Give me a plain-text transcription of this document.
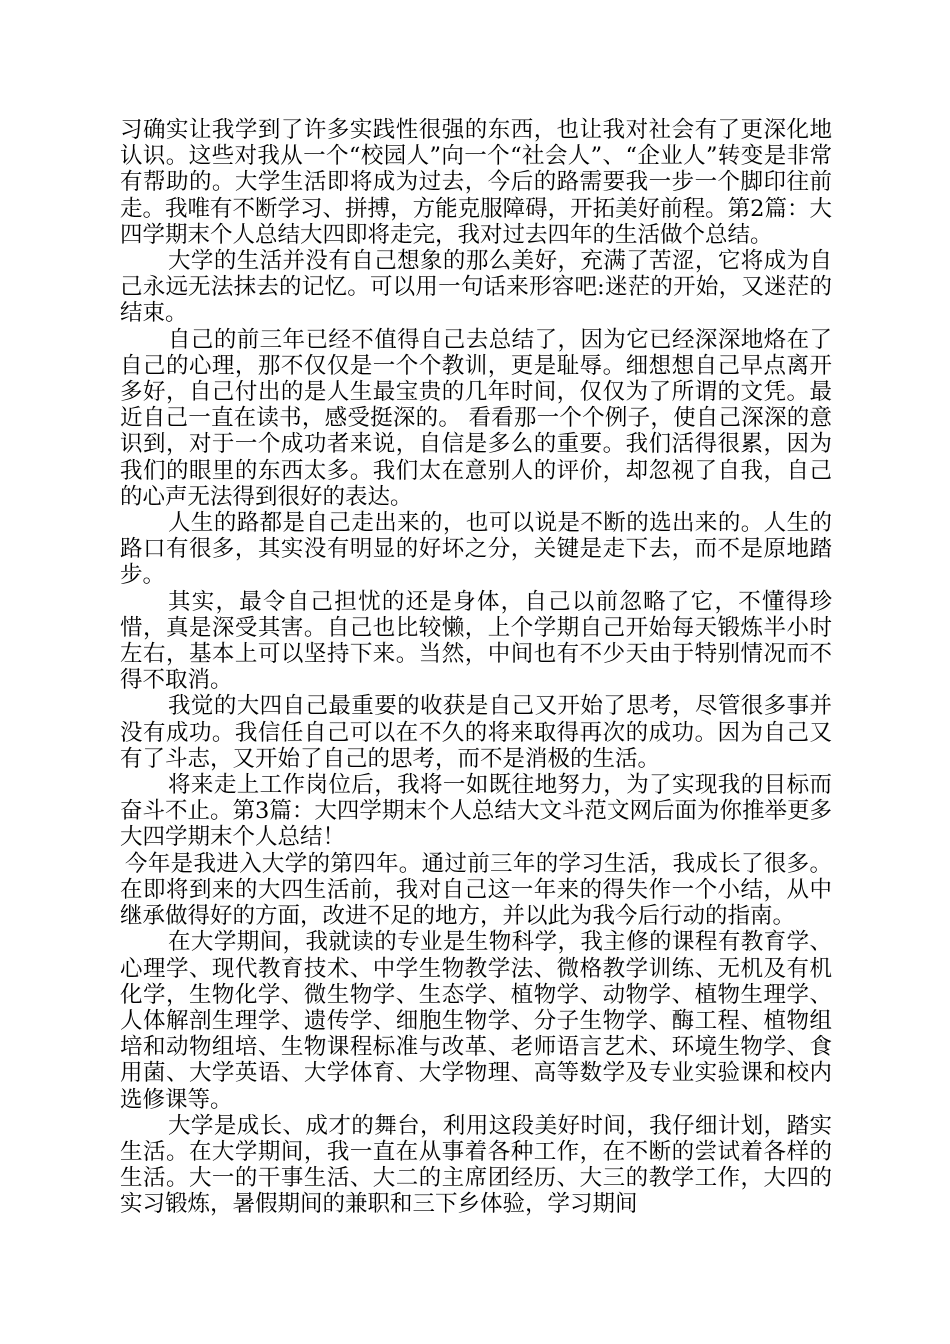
习确实让我学到了许多实践性很强的东西，也让我对社会有了更深化地认识。这些对我从一个“校园人”向一个“社会人”、“企业人”转变是非常有帮助的。大学生活即将成为过去，今后的路需要我一步一个脚印往前走。我唯有不断学习、拼搏，方能克服障碍，开拓美好前程。第2篇：大四学期末个人总结大四即将走完，我对过去四年的生活做个总结。

大学的生活并没有自己想象的那么美好，充满了苦涩，它将成为自己永远无法抹去的记忆。可以用一句话来形容吧:迷茫的开始，又迷茫的结束。

自己的前三年已经不值得自己去总结了，因为它已经深深地烙在了自己的心理，那不仅仅是一个个教训，更是耻辱。细想想自己早点离开多好，自己付出的是人生最宝贵的几年时间，仅仅为了所谓的文凭。最近自己一直在读书，感受挺深的。 看看那一个个例子，使自己深深的意识到，对于一个成功者来说，自信是多么的重要。我们活得很累，因为我们的眼里的东西太多。我们太在意别人的评价，却忽视了自我，自己的心声无法得到很好的表达。

人生的路都是自己走出来的，也可以说是不断的选出来的。人生的路口有很多，其实没有明显的好坏之分，关键是走下去，而不是原地踏步。

其实，最令自己担忧的还是身体，自己以前忽略了它，不懂得珍惜，真是深受其害。自己也比较懒，上个学期自己开始每天锻炼半小时左右，基本上可以坚持下来。当然，中间也有不少天由于特别情况而不得不取消。

我觉的大四自己最重要的收获是自己又开始了思考，尽管很多事并没有成功。我信任自己可以在不久的将来取得再次的成功。因为自己又有了斗志，又开始了自己的思考，而不是消极的生活。

将来走上工作岗位后，我将一如既往地努力，为了实现我的目标而奋斗不止。第3篇：大四学期末个人总结大文斗范文网后面为你推举更多大四学期末个人总结！

今年是我进入大学的第四年。通过前三年的学习生活，我成长了很多。在即将到来的大四生活前，我对自己这一年来的得失作一个小结，从中继承做得好的方面，改进不足的地方，并以此为我今后行动的指南。

在大学期间，我就读的专业是生物科学，我主修的课程有教育学、心理学、现代教育技术、中学生物教学法、微格教学训练、无机及有机化学，生物化学、微生物学、生态学、植物学、动物学、植物生理学、人体解剖生理学、遗传学、细胞生物学、分子生物学、酶工程、植物组培和动物组培、生物课程标准与改革、老师语言艺术、环境生物学、食用菌、大学英语、大学体育、大学物理、高等数学及专业实验课和校内选修课等。

大学是成长、成才的舞台，利用这段美好时间，我仔细计划，踏实生活。在大学期间，我一直在从事着各种工作，在不断的尝试着各样的生活。大一的干事生活、大二的主席团经历、大三的教学工作，大四的实习锻炼，暑假期间的兼职和三下乡体验，学习期间
